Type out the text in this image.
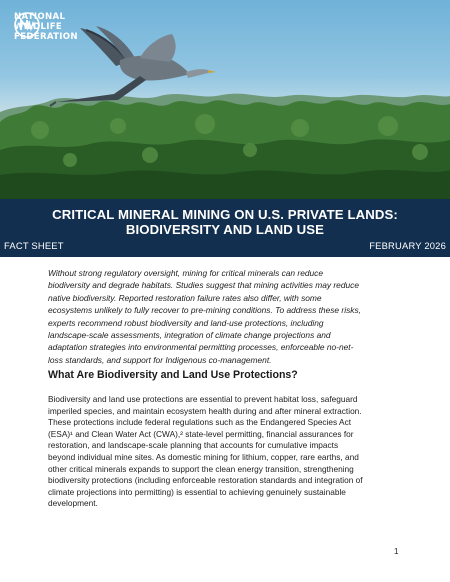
NATIONAL
WILDLIFE
FEDERATION
CRITICAL MINERAL MINING ON U.S. PRIVATE LANDS:
BIODIVERSITY AND LAND USE
FACT SHEET	FEBRUARY 2026
Without strong regulatory oversight, mining for critical minerals can reduce
biodiversity and degrade habitats. Studies suggest that mining activities may reduce
native biodiversity. Reported restoration failure rates also differ, with some
ecosystems unlikely to fully recover to pre-mining conditions. To address these risks,
experts recommend robust biodiversity and land-use protections, including
landscape-scale assessments, integration of climate change projections and
adaptation strategies into environmental permitting processes, enforceable no-net-
loss standards, and support for Indigenous co-management.
What Are Biodiversity and Land Use Protections?
Biodiversity and land use protections are essential to prevent habitat loss, safeguard
imperiled species, and maintain ecosystem health during and after mineral extraction.
These protections include federal regulations such as the Endangered Species Act
(ESA)¹ and Clean Water Act (CWA),² state-level permitting, financial assurances for
restoration, and landscape-scale planning that accounts for cumulative impacts
beyond individual mine sites. As domestic mining for lithium, copper, rare earths, and
other critical minerals expands to support the clean energy transition, strengthening
biodiversity protections (including enforceable restoration standards and integration of
climate projections into permitting) is essential to achieving genuinely sustainable
development.
1
